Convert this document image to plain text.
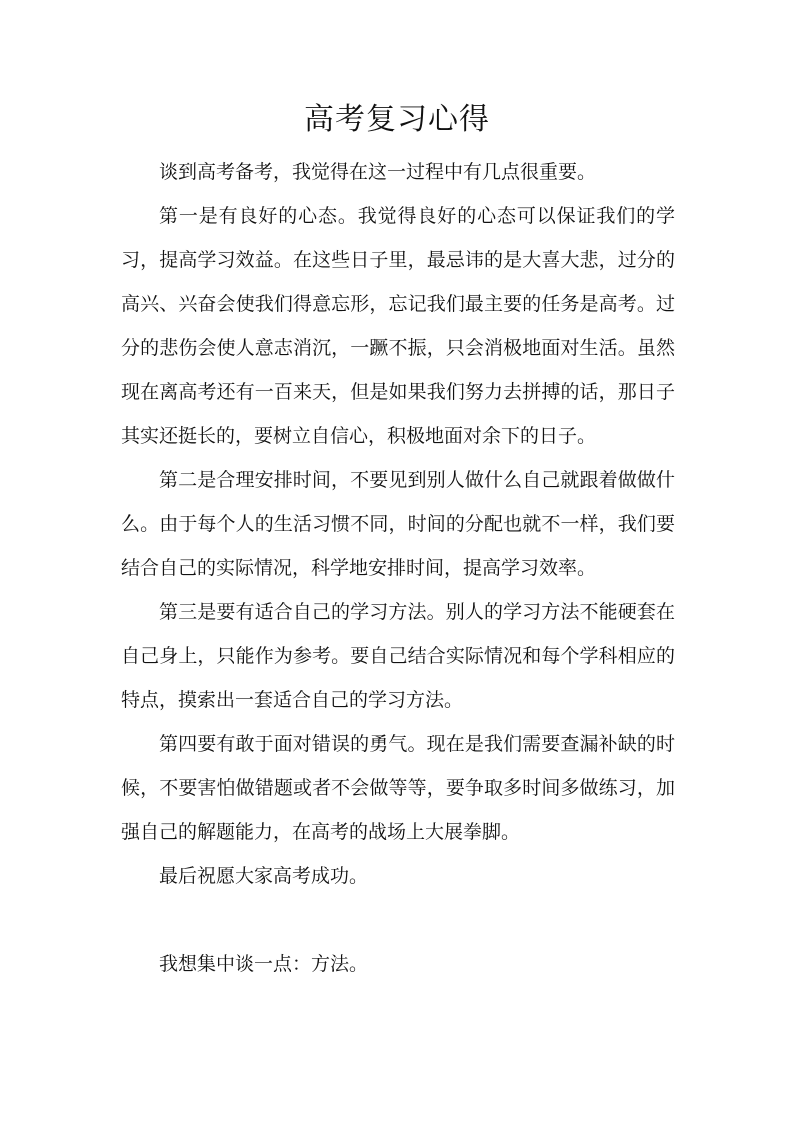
高考复习心得

谈到高考备考，我觉得在这一过程中有几点很重要。

第一是有良好的心态。我觉得良好的心态可以保证我们的学习，提高学习效益。在这些日子里，最忌讳的是大喜大悲，过分的高兴、兴奋会使我们得意忘形，忘记我们最主要的任务是高考。过分的悲伤会使人意志消沉，一蹶不振，只会消极地面对生活。虽然现在离高考还有一百来天，但是如果我们努力去拼搏的话，那日子其实还挺长的，要树立自信心，积极地面对余下的日子。

第二是合理安排时间，不要见到别人做什么自己就跟着做做什么。由于每个人的生活习惯不同，时间的分配也就不一样，我们要结合自己的实际情况，科学地安排时间，提高学习效率。

第三是要有适合自己的学习方法。别人的学习方法不能硬套在自己身上，只能作为参考。要自己结合实际情况和每个学科相应的特点，摸索出一套适合自己的学习方法。

第四要有敢于面对错误的勇气。现在是我们需要查漏补缺的时候，不要害怕做错题或者不会做等等，要争取多时间多做练习，加强自己的解题能力，在高考的战场上大展拳脚。

最后祝愿大家高考成功。

我想集中谈一点：方法。
